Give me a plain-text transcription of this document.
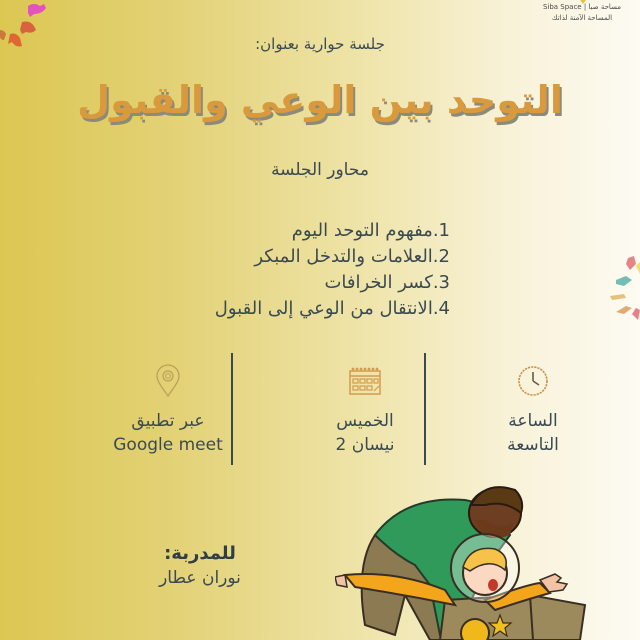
مساحة صبا | Siba Space
المساحة الآمنة لذاتك
جلسة حوارية بعنوان:
التوحد بين الوعي والقبول
محاور الجلسة
1.مفهوم التوحد اليوم
2.العلامات والتدخل المبكر
3.كسر الخرافات
4.الانتقال من الوعي إلى القبول
الساعة
التاسعة
الخميس
نيسان 2
عبر تطبيق
Google meet
للمدربة:
نوران عطار
